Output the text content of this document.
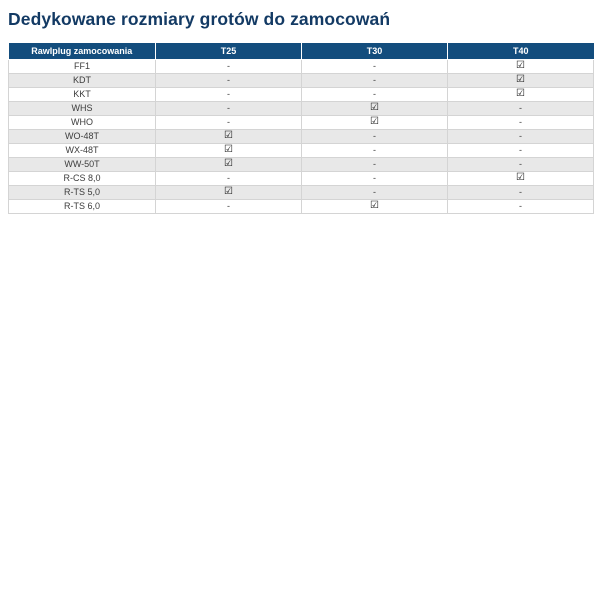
Dedykowane rozmiary grotów do zamocowań
Rawlplug zamocowania	T25	T30	T40
FF1	-	-	☑
KDT	-	-	☑
KKT	-	-	☑
WHS	-	☑	-
WHO	-	☑	-
WO-48T	☑	-	-
WX-48T	☑	-	-
WW-50T	☑	-	-
R-CS 8,0	-	-	☑
R-TS 5,0	☑	-	-
R-TS 6,0	-	☑	-
